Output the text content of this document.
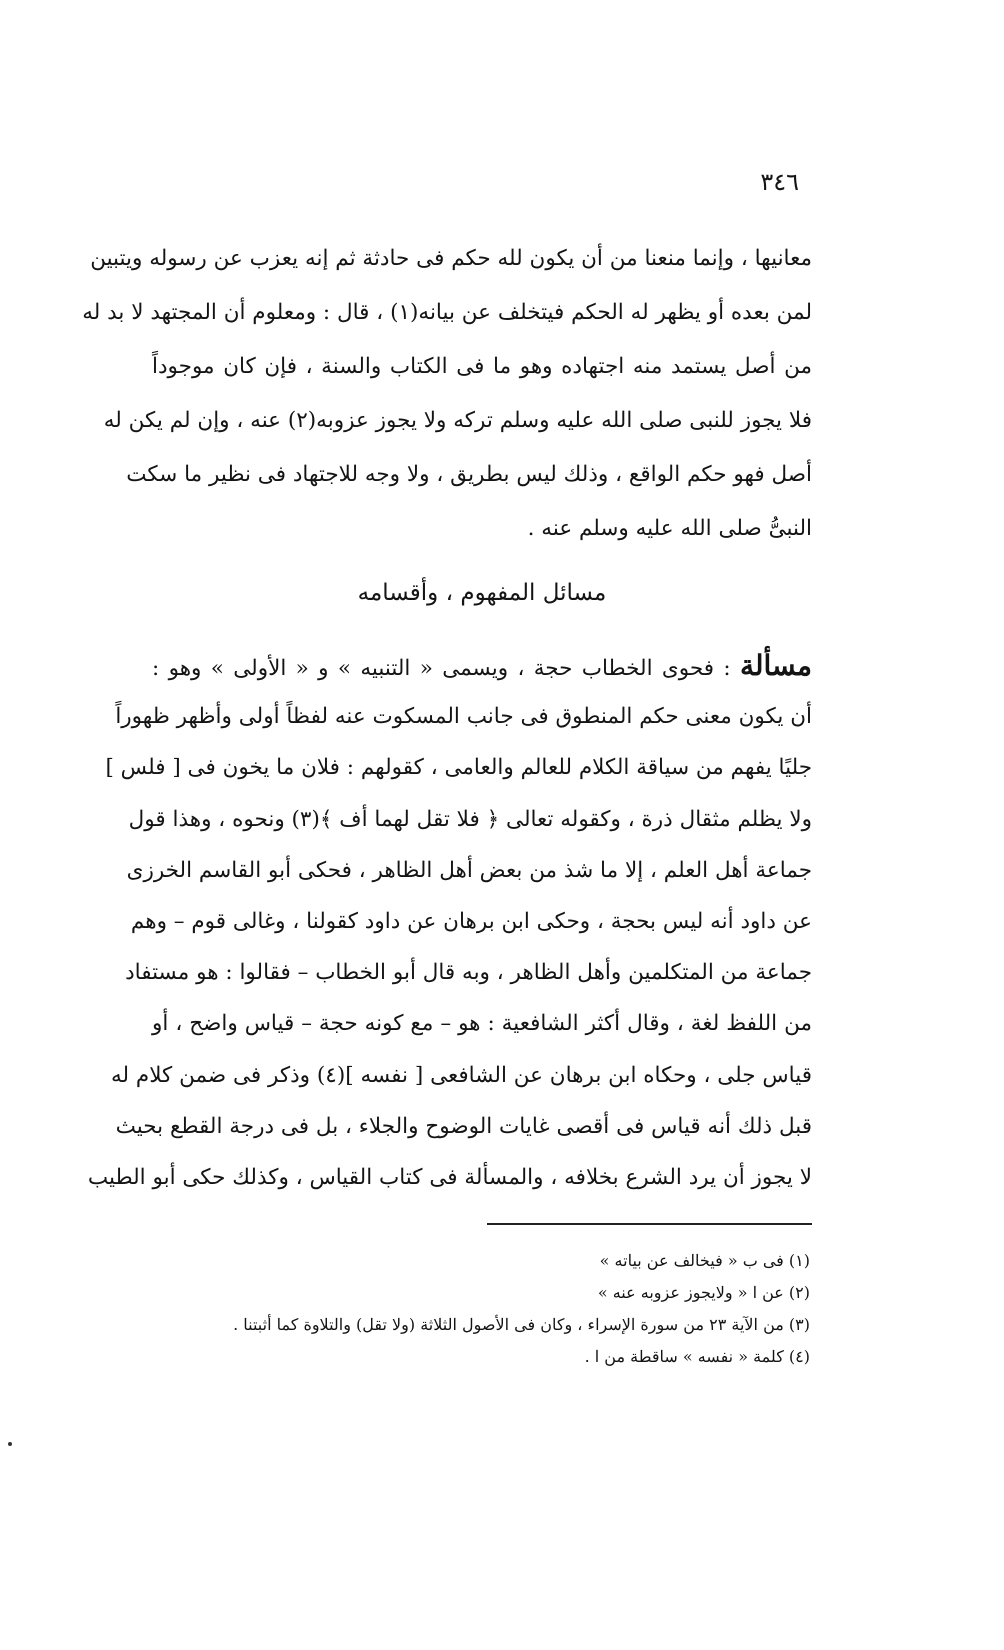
٣٤٦
معانيها ، وإنما منعنا من أن يكون لله حكم فى حادثة ثم إنه يعزب عن رسوله ويتبين
لمن بعده أو يظهر له الحكم فيتخلف عن بيانه(١) ، قال : ومعلوم أن المجتهد لا بد له
من أصل يستمد منه اجتهاده وهو ما فى الكتاب والسنة ، فإن كان موجوداً
فلا يجوز للنبى صلى الله عليه وسلم تركه ولا يجوز عزوبه(٢) عنه ، وإن لم يكن له
أصل فهو حكم الواقع ، وذلك ليس بطريق ، ولا وجه للاجتهاد فى نظير ما سكت
النبىُّ صلى الله عليه وسلم عنه .
مسائل المفهوم ، وأقسامه
مسألة : فحوى الخطاب حجة ، ويسمى « التنبيه » و « الأولى » وهو :
أن يكون معنى حكم المنطوق فى جانب المسكوت عنه لفظاً أولى وأظهر ظهوراً
جليًا يفهم من سياقة الكلام للعالم والعامى ، كقولهم : فلان ما يخون فى [ فلس ]
ولا يظلم مثقال ذرة ، وكقوله تعالى ﴿ فلا تقل لهما أف ﴾(٣) ونحوه ، وهذا قول
جماعة أهل العلم ، إلا ما شذ من بعض أهل الظاهر ، فحكى أبو القاسم الخرزى
عن داود أنه ليس بحجة ، وحكى ابن برهان عن داود كقولنا ، وغالى قوم – وهم
جماعة من المتكلمين وأهل الظاهر ، وبه قال أبو الخطاب – فقالوا : هو مستفاد
من اللفظ لغة ، وقال أكثر الشافعية : هو – مع كونه حجة – قياس واضح ، أو
قياس جلى ، وحكاه ابن برهان عن الشافعى [ نفسه ](٤) وذكر فى ضمن كلام له
قبل ذلك أنه قياس فى أقصى غايات الوضوح والجلاء ، بل فى درجة القطع بحيث
لا يجوز أن يرد الشرع بخلافه ، والمسألة فى كتاب القياس ، وكذلك حكى أبو الطيب
(١) فى ب « فيخالف عن بياته »
(٢) عن ا « ولايجوز عزوبه عنه »
(٣) من الآية ٢٣ من سورة الإسراء ، وكان فى الأصول الثلاثة (ولا تقل) والتلاوة كما أثبتنا .
(٤) كلمة « نفسه » ساقطة من ا .
